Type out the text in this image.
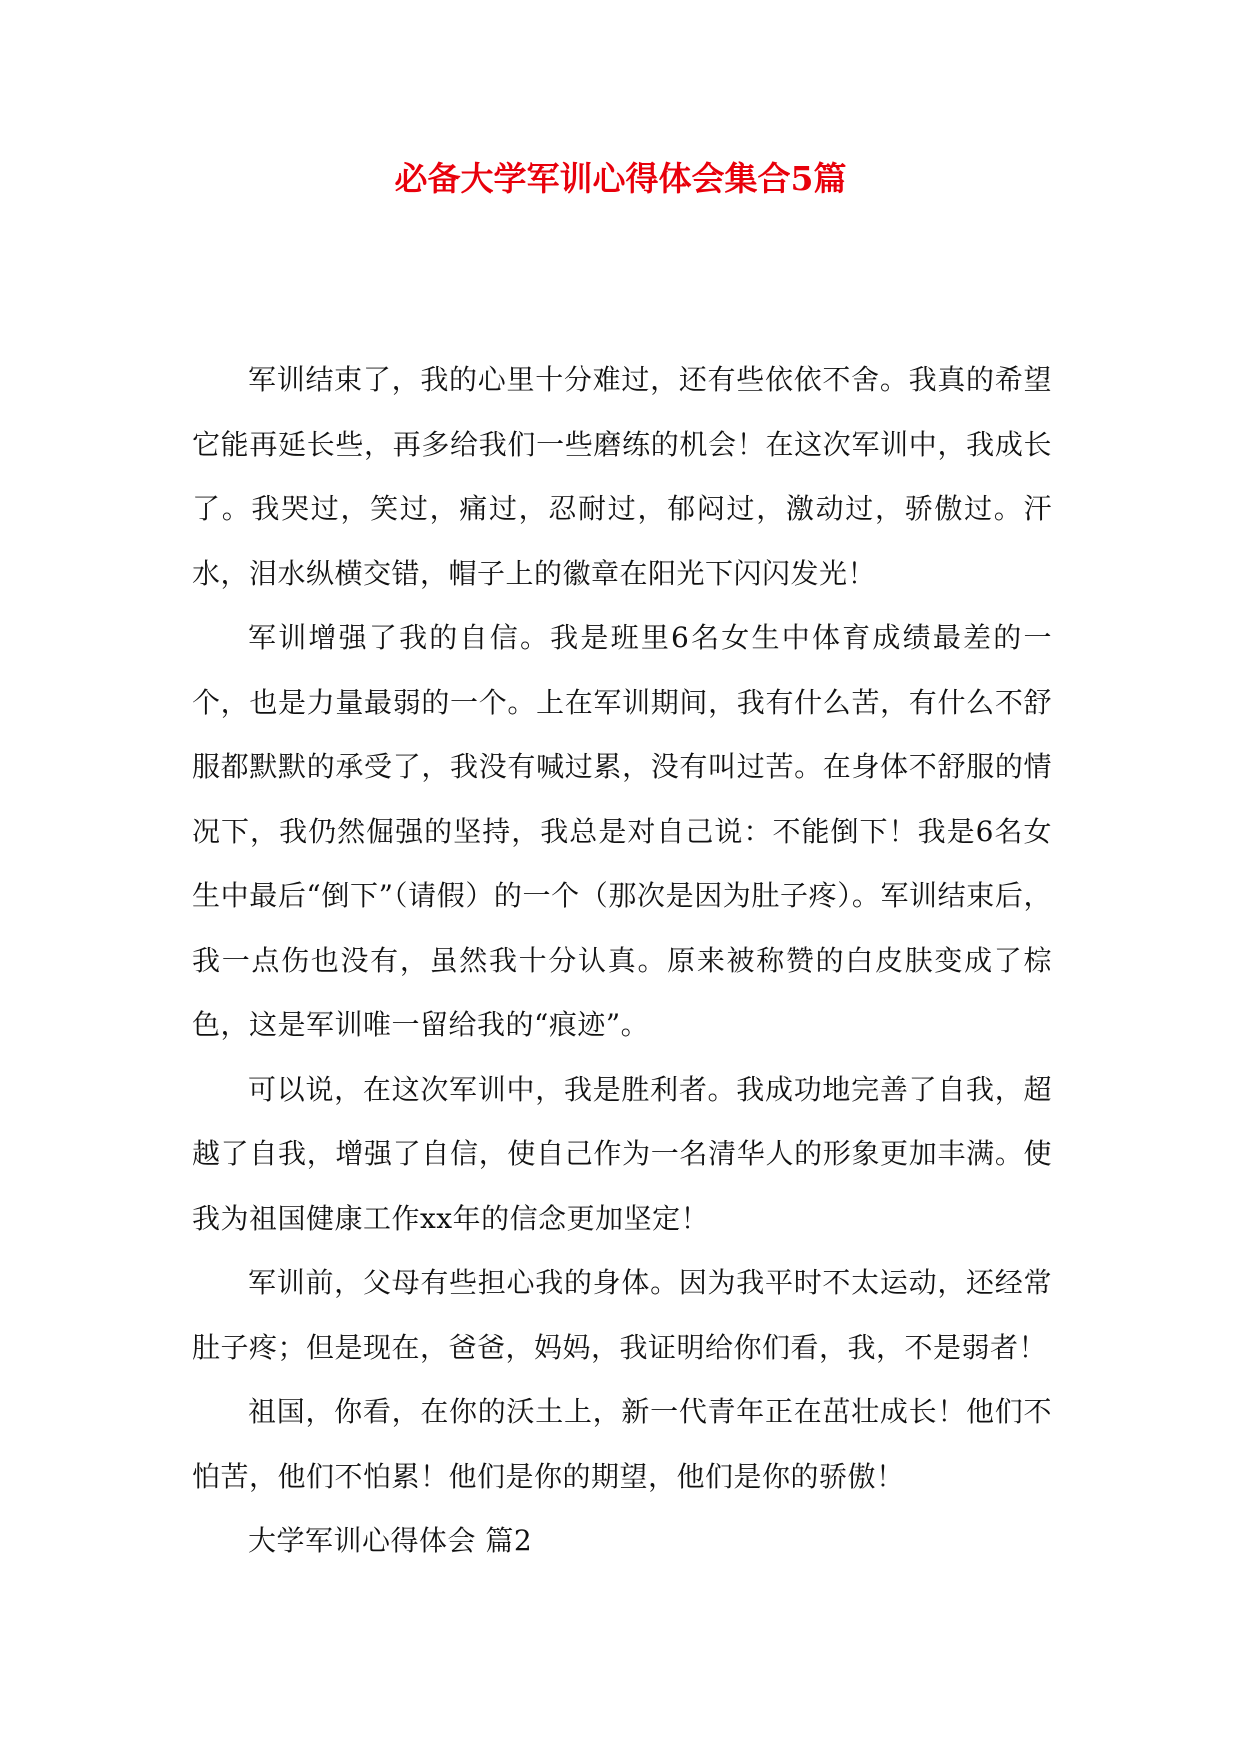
必备大学军训心得体会集合5篇

军训结束了，我的心里十分难过，还有些依依不舍。我真的希望它能再延长些，再多给我们一些磨练的机会！在这次军训中，我成长了。我哭过，笑过，痛过，忍耐过，郁闷过，激动过，骄傲过。汗水，泪水纵横交错，帽子上的徽章在阳光下闪闪发光！

军训增强了我的自信。我是班里6名女生中体育成绩最差的一个，也是力量最弱的一个。上在军训期间，我有什么苦，有什么不舒服都默默的承受了，我没有喊过累，没有叫过苦。在身体不舒服的情况下，我仍然倔强的坚持，我总是对自己说：不能倒下！我是6名女生中最后“倒下”（请假）的一个（那次是因为肚子疼）。军训结束后，我一点伤也没有，虽然我十分认真。原来被称赞的白皮肤变成了棕色，这是军训唯一留给我的“痕迹”。

可以说，在这次军训中，我是胜利者。我成功地完善了自我，超越了自我，增强了自信，使自己作为一名清华人的形象更加丰满。使我为祖国健康工作xx年的信念更加坚定！

军训前，父母有些担心我的身体。因为我平时不太运动，还经常肚子疼；但是现在，爸爸，妈妈，我证明给你们看，我，不是弱者！

祖国，你看，在你的沃土上，新一代青年正在茁壮成长！他们不怕苦，他们不怕累！他们是你的期望，他们是你的骄傲！

大学军训心得体会 篇2
